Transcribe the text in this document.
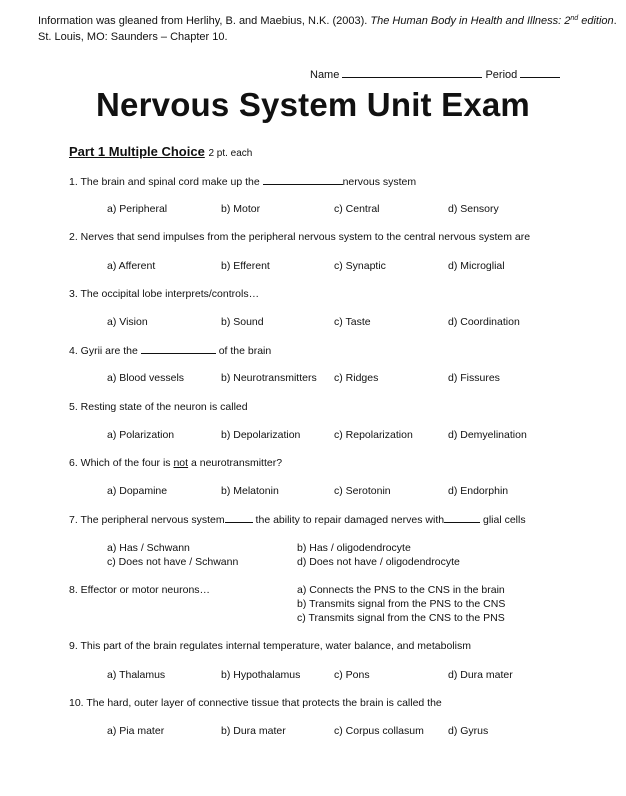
Information was gleaned from Herlihy, B. and Maebius, N.K. (2003). The Human Body in Health and Illness: 2nd edition.
St. Louis, MO: Saunders – Chapter 10.
Name	Period
Nervous System Unit Exam
Part 1 Multiple Choice 2 pt. each
1. The brain and spinal cord make up the	nervous system
a) Peripheral	b) Motor	c) Central	d) Sensory
2. Nerves that send impulses from the peripheral nervous system to the central nervous system are
a) Afferent	b) Efferent	c) Synaptic	d) Microglial
3. The occipital lobe interprets/controls…
a) Vision	b) Sound	c) Taste	d) Coordination
4. Gyrii are the	of the brain
a) Blood vessels	b) Neurotransmitters c) Ridges	d) Fissures
5. Resting state of the neuron is called
a) Polarization	b) Depolarization	c) Repolarization	d) Demyelination
6. Which of the four is not a neurotransmitter?
a) Dopamine	b) Melatonin	c) Serotonin	d) Endorphin
7. The peripheral nervous system	the ability to repair damaged nerves with	glial cells
a) Has / Schwann	b) Has / oligodendrocyte
c) Does not have / Schwann	d) Does not have / oligodendrocyte
8. Effector or motor neurons…	a) Connects the PNS to the CNS in the brain
b) Transmits signal from the PNS to the CNS
c) Transmits signal from the CNS to the PNS
9. This part of the brain regulates internal temperature, water balance, and metabolism
a) Thalamus	b) Hypothalamus	c) Pons	d) Dura mater
10. The hard, outer layer of connective tissue that protects the brain is called the
a) Pia mater	b) Dura mater	c) Corpus collasum d) Gyrus
